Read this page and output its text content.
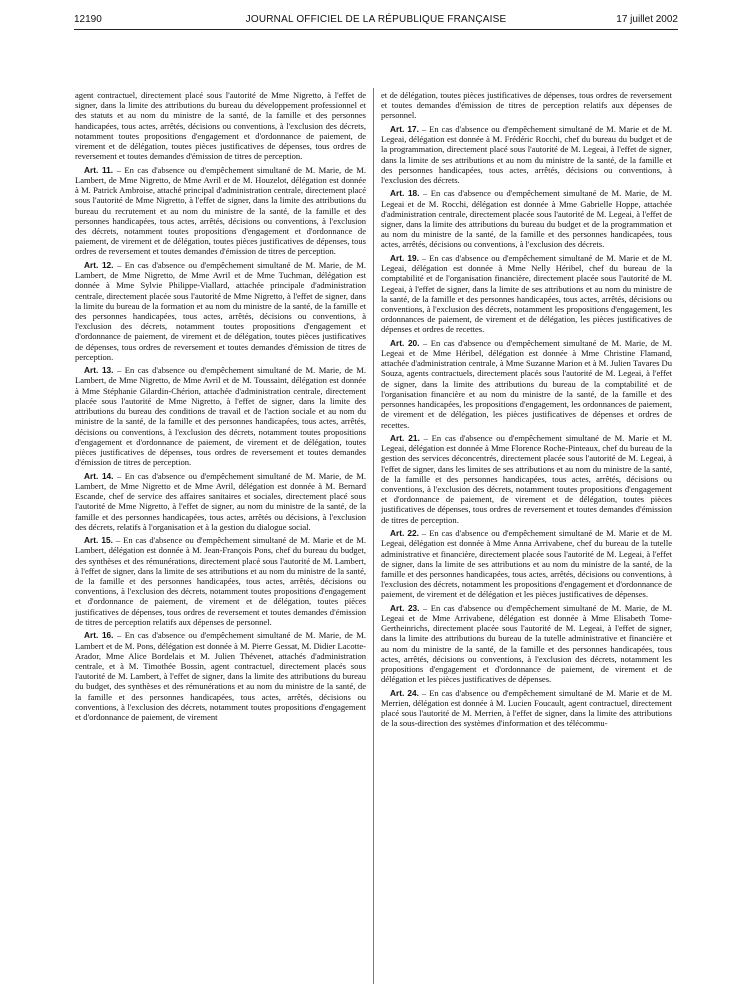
12190	JOURNAL OFFICIEL DE LA RÉPUBLIQUE FRANÇAISE	17 juillet 2002

agent contractuel, directement placé sous l'autorité de Mme Nigretto, à l'effet de signer, dans la limite des attributions du bureau du développement professionnel et des statuts et au nom du ministre de la santé, de la famille et des personnes handicapées, tous actes, arrêtés, décisions ou conventions, à l'exclusion des décrets, notamment toutes propositions d'engagement et d'ordonnance de paiement, de virement et de délégation, toutes pièces justificatives de dépenses, tous ordres de reversement et toutes demandes d'émission de titres de perception.

Art. 11. – En cas d'absence ou d'empêchement simultané de M. Marie, de M. Lambert, de Mme Nigretto, de Mme Avril et de M. Houzelot, délégation est donnée à M. Patrick Ambroise, attaché principal d'administration centrale, directement placé sous l'autorité de Mme Nigretto, à l'effet de signer, dans la limite des attributions du bureau du recrutement et au nom du ministre de la santé, de la famille et des personnes handicapées, tous actes, arrêtés, décisions ou conventions, à l'exclusion des décrets, notamment toutes propositions d'engagement et d'ordonnance de paiement, de virement et de délégation, toutes pièces justificatives de dépenses, tous ordres de reversement et toutes demandes d'émission de titres de perception.

Art. 12. – En cas d'absence ou d'empêchement simultané de M. Marie, de M. Lambert, de Mme Nigretto, de Mme Avril et de Mme Tuchman, délégation est donnée à Mme Sylvie Philippe-Viallard, attachée principale d'administration centrale, directement placée sous l'autorité de Mme Nigretto, à l'effet de signer, dans la limite du bureau de la formation et au nom du ministre de la santé, de la famille et des personnes handicapées, tous actes, arrêtés, décisions ou conventions, à l'exclusion des décrets, notamment toutes propositions d'engagement et d'ordonnance de paiement, de virement et de délégation, toutes pièces justificatives de dépenses, tous ordres de reversement et toutes demandes d'émission de titres de perception.

Art. 13. – En cas d'absence ou d'empêchement simultané de M. Marie, de M. Lambert, de Mme Nigretto, de Mme Avril et de M. Toussaint, délégation est donnée à Mme Stéphanie Gilardin-Chérion, attachée d'administration centrale, directement placée sous l'autorité de Mme Nigretto, à l'effet de signer, dans la limite des attributions du bureau des conditions de travail et de l'action sociale et au nom du ministre de la santé, de la famille et des personnes handicapées, tous actes, arrêtés, décisions ou conventions, à l'exclusion des décrets, notamment toutes propositions d'engagement et d'ordonnance de paiement, de virement et de délégation, toutes pièces justificatives de dépenses, tous ordres de reversement et toutes demandes d'émission de titres de perception.

Art. 14. – En cas d'absence ou d'empêchement simultané de M. Marie, de M. Lambert, de Mme Nigretto et de Mme Avril, délégation est donnée à M. Bernard Escande, chef de service des affaires sanitaires et sociales, directement placé sous l'autorité de Mme Nigretto, à l'effet de signer, au nom du ministre de la santé, de la famille et des personnes handicapées, tous actes, arrêtés ou décisions, à l'exclusion des décrets, relatifs à l'organisation et à la gestion du dialogue social.

Art. 15. – En cas d'absence ou d'empêchement simultané de M. Marie et de M. Lambert, délégation est donnée à M. Jean-François Pons, chef du bureau du budget, des synthèses et des rémunérations, directement placé sous l'autorité de M. Lambert, à l'effet de signer, dans la limite de ses attributions et au nom du ministre de la santé, de la famille et des personnes handicapées, tous actes, arrêtés, décisions ou conventions, à l'exclusion des décrets, notamment toutes propositions d'engagement et d'ordonnance de paiement, de virement et de délégation, toutes pièces justificatives de dépenses, tous ordres de reversement et toutes demandes d'émission de titres de perception relatifs aux dépenses de personnel.

Art. 16. – En cas d'absence ou d'empêchement simultané de M. Marie, de M. Lambert et de M. Pons, délégation est donnée à M. Pierre Gessat, M. Didier Lacotte-Arador, Mme Alice Bordelais et M. Julien Thévenet, attachés d'administration centrale, et à M. Timothée Bossin, agent contractuel, directement placés sous l'autorité de M. Lambert, à l'effet de signer, dans la limite des attributions du bureau du budget, des synthèses et des rémunérations et au nom du ministre de la santé, de la famille et des personnes handicapées, tous actes, arrêtés, décisions ou conventions, à l'exclusion des décrets, notamment toutes propositions d'engagement et d'ordonnance de paiement, de virement

et de délégation, toutes pièces justificatives de dépenses, tous ordres de reversement et toutes demandes d'émission de titres de perception relatifs aux dépenses de personnel.

Art. 17. – En cas d'absence ou d'empêchement simultané de M. Marie et de M. Legeai, délégation est donnée à M. Frédéric Rocchi, chef du bureau du budget et de la programmation, directement placé sous l'autorité de M. Legeai, à l'effet de signer, dans la limite de ses attributions et au nom du ministre de la santé, de la famille et des personnes handicapées, tous actes, arrêtés, décisions ou conventions, à l'exclusion des décrets.

Art. 18. – En cas d'absence ou d'empêchement simultané de M. Marie, de M. Legeai et de M. Rocchi, délégation est donnée à Mme Gabrielle Hoppe, attachée d'administration centrale, directement placée sous l'autorité de M. Legeai, à l'effet de signer, dans la limite des attributions du bureau du budget et de la programmation et au nom du ministre de la santé, de la famille et des personnes handicapées, tous actes, arrêtés, décisions ou conventions, à l'exclusion des décrets.

Art. 19. – En cas d'absence ou d'empêchement simultané de M. Marie et de M. Legeai, délégation est donnée à Mme Nelly Héribel, chef du bureau de la comptabilité et de l'organisation financière, directement placée sous l'autorité de M. Legeai, à l'effet de signer, dans la limite de ses attributions et au nom du ministre de la santé, de la famille et des personnes handicapées, tous actes, arrêtés, décisions ou conventions, à l'exclusion des décrets, notamment les propositions d'engagement, les ordonnances de paiement, de virement et de délégation, les pièces justificatives de dépenses et ordres de recettes.

Art. 20. – En cas d'absence ou d'empêchement simultané de M. Marie, de M. Legeai et de Mme Héribel, délégation est donnée à Mme Christine Flamand, attachée d'administration centrale, à Mme Suzanne Marion et à M. Julien Tavares Du Souza, agents contractuels, directement placés sous l'autorité de M. Legeai, à l'effet de signer, dans la limite des attributions du bureau de la comptabilité et de l'organisation financière et au nom du ministre de la santé, de la famille et des personnes handicapées, les propositions d'engagement, les ordonnances de paiement, de virement et de délégation, les pièces justificatives de dépenses et ordres de recettes.

Art. 21. – En cas d'absence ou d'empêchement simultané de M. Marie et M. Legeai, délégation est donnée à Mme Florence Roche-Pinteaux, chef du bureau de la gestion des services déconcentrés, directement placée sous l'autorité de M. Legeai, à l'effet de signer, dans les limites de ses attributions et au nom du ministre de la santé, de la famille et des personnes handicapées, tous actes, arrêtés, décisions ou conventions, à l'exclusion des décrets, notamment toutes propositions d'engagement et d'ordonnance de paiement, de virement et de délégation, toutes pièces justificatives de dépenses, tous ordres de reversement et toutes demandes d'émission de titres de perception.

Art. 22. – En cas d'absence ou d'empêchement simultané de M. Marie et de M. Legeai, délégation est donnée à Mme Anna Arrivabene, chef du bureau de la tutelle administrative et financière, directement placée sous l'autorité de M. Legeai, à l'effet de signer, dans la limite de ses attributions et au nom du ministre de la santé, de la famille et des personnes handicapées, tous actes, arrêtés, décisions ou conventions, à l'exclusion des décrets, notamment les propositions d'engagement et d'ordonnance de paiement, de virement et de délégation et les pièces justificatives de dépenses.

Art. 23. – En cas d'absence ou d'empêchement simultané de M. Marie, de M. Legeai et de Mme Arrivabene, délégation est donnée à Mme Elisabeth Tome-Gertheinrichs, directement placée sous l'autorité de M. Legeai, à l'effet de signer, dans la limite des attributions du bureau de la tutelle administrative et financière et au nom du ministre de la santé, de la famille et des personnes handicapées, tous actes, arrêtés, décisions ou conventions, à l'exclusion des décrets, notamment les propositions d'engagement et d'ordonnance de paiement, de virement et de délégation et les pièces justificatives de dépenses.

Art. 24. – En cas d'absence ou d'empêchement simultané de M. Marie et de M. Merrien, délégation est donnée à M. Lucien Foucault, agent contractuel, directement placé sous l'autorité de M. Merrien, à l'effet de signer, dans la limite des attributions de la sous-direction des systèmes d'information et des télécommu-
